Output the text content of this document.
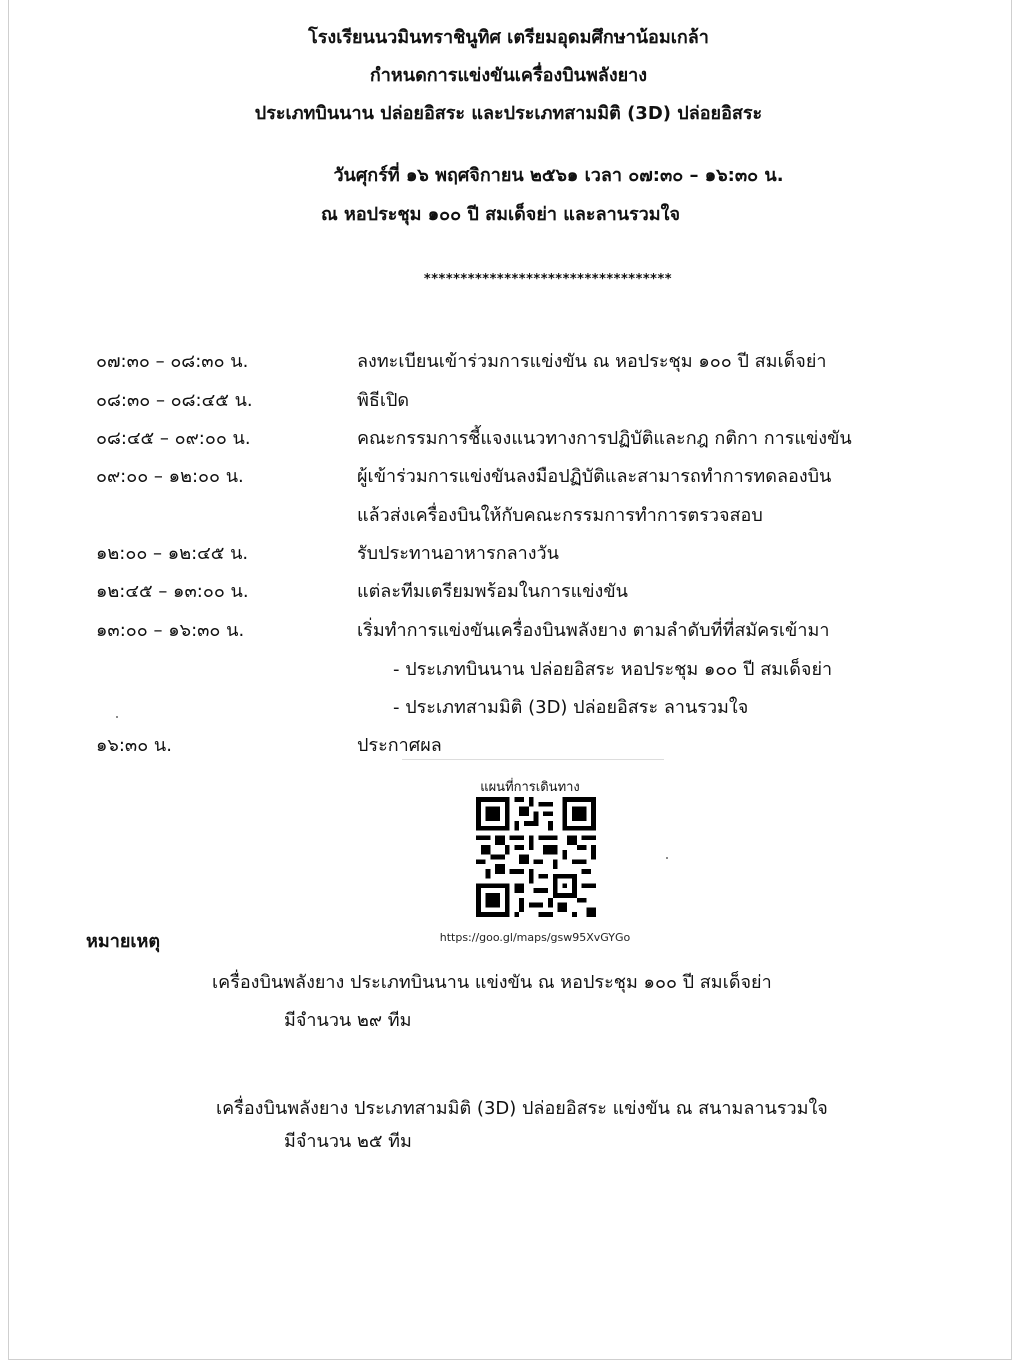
โรงเรียนนวมินทราชินูทิศ เตรียมอุดมศึกษาน้อมเกล้า
กำหนดการแข่งขันเครื่องบินพลังยาง
ประเภทบินนาน ปล่อยอิสระ และประเภทสามมิติ (3D) ปล่อยอิสระ
วันศุกร์ที่ ๑๖ พฤศจิกายน ๒๕๖๑ เวลา ๐๗:๓๐ – ๑๖:๓๐ น.
ณ หอประชุม ๑๐๐ ปี สมเด็จย่า และลานรวมใจ
**********************************
๐๗:๓๐ – ๐๘:๓๐ น.	ลงทะเบียนเข้าร่วมการแข่งขัน ณ หอประชุม ๑๐๐ ปี สมเด็จย่า
๐๘:๓๐ – ๐๘:๔๕ น.	พิธีเปิด
๐๘:๔๕ – ๐๙:๐๐ น.	คณะกรรมการชี้แจงแนวทางการปฏิบัติและกฎ กติกา การแข่งขัน
๐๙:๐๐ – ๑๒:๐๐ น.	ผู้เข้าร่วมการแข่งขันลงมือปฏิบัติและสามารถทำการทดลองบิน
แล้วส่งเครื่องบินให้กับคณะกรรมการทำการตรวจสอบ
๑๒:๐๐ – ๑๒:๔๕ น.	รับประทานอาหารกลางวัน
๑๒:๔๕ – ๑๓:๐๐ น.	แต่ละทีมเตรียมพร้อมในการแข่งขัน
๑๓:๐๐ – ๑๖:๓๐ น.	เริ่มทำการแข่งขันเครื่องบินพลังยาง ตามลำดับที่ที่สมัครเข้ามา
- ประเภทบินนาน ปล่อยอิสระ หอประชุม ๑๐๐ ปี สมเด็จย่า
- ประเภทสามมิติ (3D) ปล่อยอิสระ ลานรวมใจ
๑๖:๓๐ น.	ประกาศผล
แผนที่การเดินทาง
https://goo.gl/maps/gsw95XvGYGo
หมายเหตุ
เครื่องบินพลังยาง ประเภทบินนาน แข่งขัน ณ หอประชุม ๑๐๐ ปี สมเด็จย่า
มีจำนวน ๒๙ ทีม
เครื่องบินพลังยาง ประเภทสามมิติ (3D) ปล่อยอิสระ แข่งขัน ณ สนามลานรวมใจ
มีจำนวน ๒๕ ทีม
